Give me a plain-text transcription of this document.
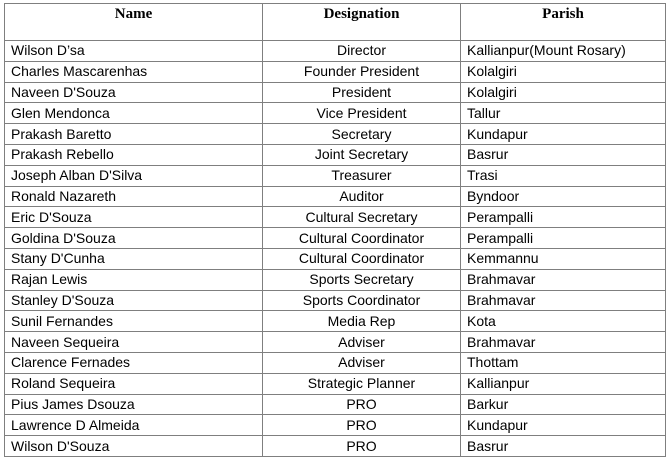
Name	Designation	Parish
Wilson D’sa	Director	Kallianpur(Mount Rosary)
Charles Mascarenhas	Founder President	Kolalgiri
Naveen D'Souza	President	Kolalgiri
Glen Mendonca	Vice President	Tallur
Prakash Baretto	Secretary	Kundapur
Prakash Rebello	Joint Secretary	Basrur
Joseph Alban D'Silva	Treasurer	Trasi
Ronald Nazareth	Auditor	Byndoor
Eric D'Souza	Cultural Secretary	Perampalli
Goldina D'Souza	Cultural Coordinator	Perampalli
Stany D'Cunha	Cultural Coordinator	Kemmannu
Rajan Lewis	Sports Secretary	Brahmavar
Stanley D'Souza	Sports Coordinator	Brahmavar
Sunil Fernandes	Media Rep	Kota
Naveen Sequeira	Adviser	Brahmavar
Clarence Fernades	Adviser	Thottam
Roland Sequeira	Strategic Planner	Kallianpur
Pius James Dsouza	PRO	Barkur
Lawrence D Almeida	PRO	Kundapur
Wilson D'Souza	PRO	Basrur
